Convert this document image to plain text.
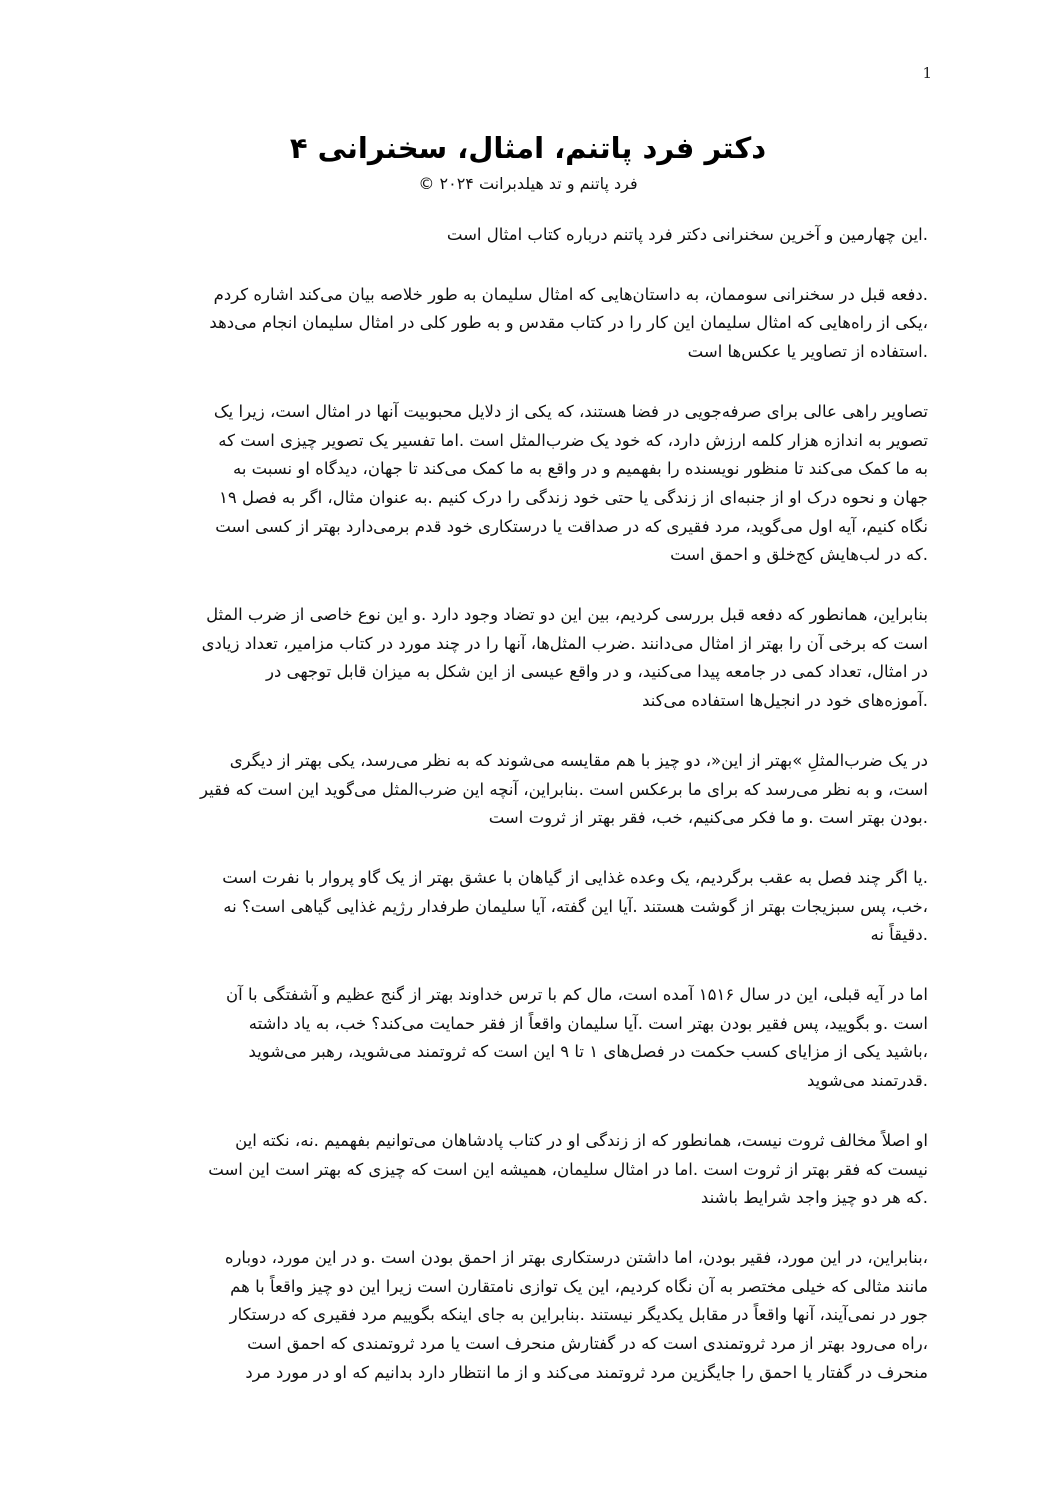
1
دکتر فرد پاتنم، امثال، سخنرانی ۴

فرد پاتنم و تد هیلدبرانت ۲۰۲۴ ©

.این چهارمین و آخرین سخنرانی دکتر فرد پاتنم درباره کتاب امثال است

.دفعه قبل در سخنرانی سوممان، به داستان‌هایی که امثال سلیمان به طور خلاصه بیان می‌کند اشاره کردم
،یکی از راه‌هایی که امثال سلیمان این کار را در کتاب مقدس و به طور کلی در امثال سلیمان انجام می‌دهد
.استفاده از تصاویر یا عکس‌ها است

تصاویر راهی عالی برای صرفه‌جویی در فضا هستند، که یکی از دلایل محبوبیت آنها در امثال است، زیرا یک
تصویر به اندازه هزار کلمه ارزش دارد، که خود یک ضرب‌المثل است .اما تفسیر یک تصویر چیزی است که
به ما کمک می‌کند تا منظور نویسنده را بفهمیم و در واقع به ما کمک می‌کند تا جهان، دیدگاه او نسبت به
جهان و نحوه درک او از جنبه‌ای از زندگی یا حتی خود زندگی را درک کنیم .به عنوان مثال، اگر به فصل ۱۹
نگاه کنیم، آیه اول می‌گوید، مرد فقیری که در صداقت یا درستکاری خود قدم برمی‌دارد بهتر از کسی است
.که در لب‌هایش کج‌خلق و احمق است

بنابراین، همانطور که دفعه قبل بررسی کردیم، بین این دو تضاد وجود دارد .و این نوع خاصی از ضرب المثل
است که برخی آن را بهتر از امثال می‌دانند .ضرب المثل‌ها، آنها را در چند مورد در کتاب مزامیر، تعداد زیادی
در امثال، تعداد کمی در جامعه پیدا می‌کنید، و در واقع عیسی از این شکل به میزان قابل توجهی در
.آموزه‌های خود در انجیل‌ها استفاده می‌کند

در یک ضرب‌المثلِ »بهتر از این«، دو چیز با هم مقایسه می‌شوند که به نظر می‌رسد، یکی بهتر از دیگری
است، و به نظر می‌رسد که برای ما برعکس است .بنابراین، آنچه این ضرب‌المثل می‌گوید این است که فقیر
.بودن بهتر است .و ما فکر می‌کنیم، خب، فقر بهتر از ثروت است

.یا اگر چند فصل به عقب برگردیم، یک وعده غذایی از گیاهان با عشق بهتر از یک گاو پروار با نفرت است
،خب، پس سبزیجات بهتر از گوشت هستند .آیا این گفته، آیا سلیمان طرفدار رژیم غذایی گیاهی است؟ نه
.دقیقاً نه

اما در آیه قبلی، این در سال ۱۵۱۶ آمده است، مال کم با ترس خداوند بهتر از گنج عظیم و آشفتگی با آن
است .و بگویید، پس فقیر بودن بهتر است .آیا سلیمان واقعاً از فقر حمایت می‌کند؟ خب، به یاد داشته
،باشید یکی از مزایای کسب حکمت در فصل‌های ۱ تا ۹ این است که ثروتمند می‌شوید، رهبر می‌شوید
.قدرتمند می‌شوید

او اصلاً مخالف ثروت نیست، همانطور که از زندگی او در کتاب پادشاهان می‌توانیم بفهمیم .نه، نکته این
نیست که فقر بهتر از ثروت است .اما در امثال سلیمان، همیشه این است که چیزی که بهتر است این است
.که هر دو چیز واجد شرایط باشند

،بنابراین، در این مورد، فقیر بودن، اما داشتن درستکاری بهتر از احمق بودن است .و در این مورد، دوباره
مانند مثالی که خیلی مختصر به آن نگاه کردیم، این یک توازی نامتقارن است زیرا این دو چیز واقعاً با هم
جور در نمی‌آیند، آنها واقعاً در مقابل یکدیگر نیستند .بنابراین به جای اینکه بگوییم مرد فقیری که درستکار
،راه می‌رود بهتر از مرد ثروتمندی است که در گفتارش منحرف است یا مرد ثروتمندی که احمق است
منحرف در گفتار یا احمق را جایگزین مرد ثروتمند می‌کند و از ما انتظار دارد بدانیم که او در مورد مرد
